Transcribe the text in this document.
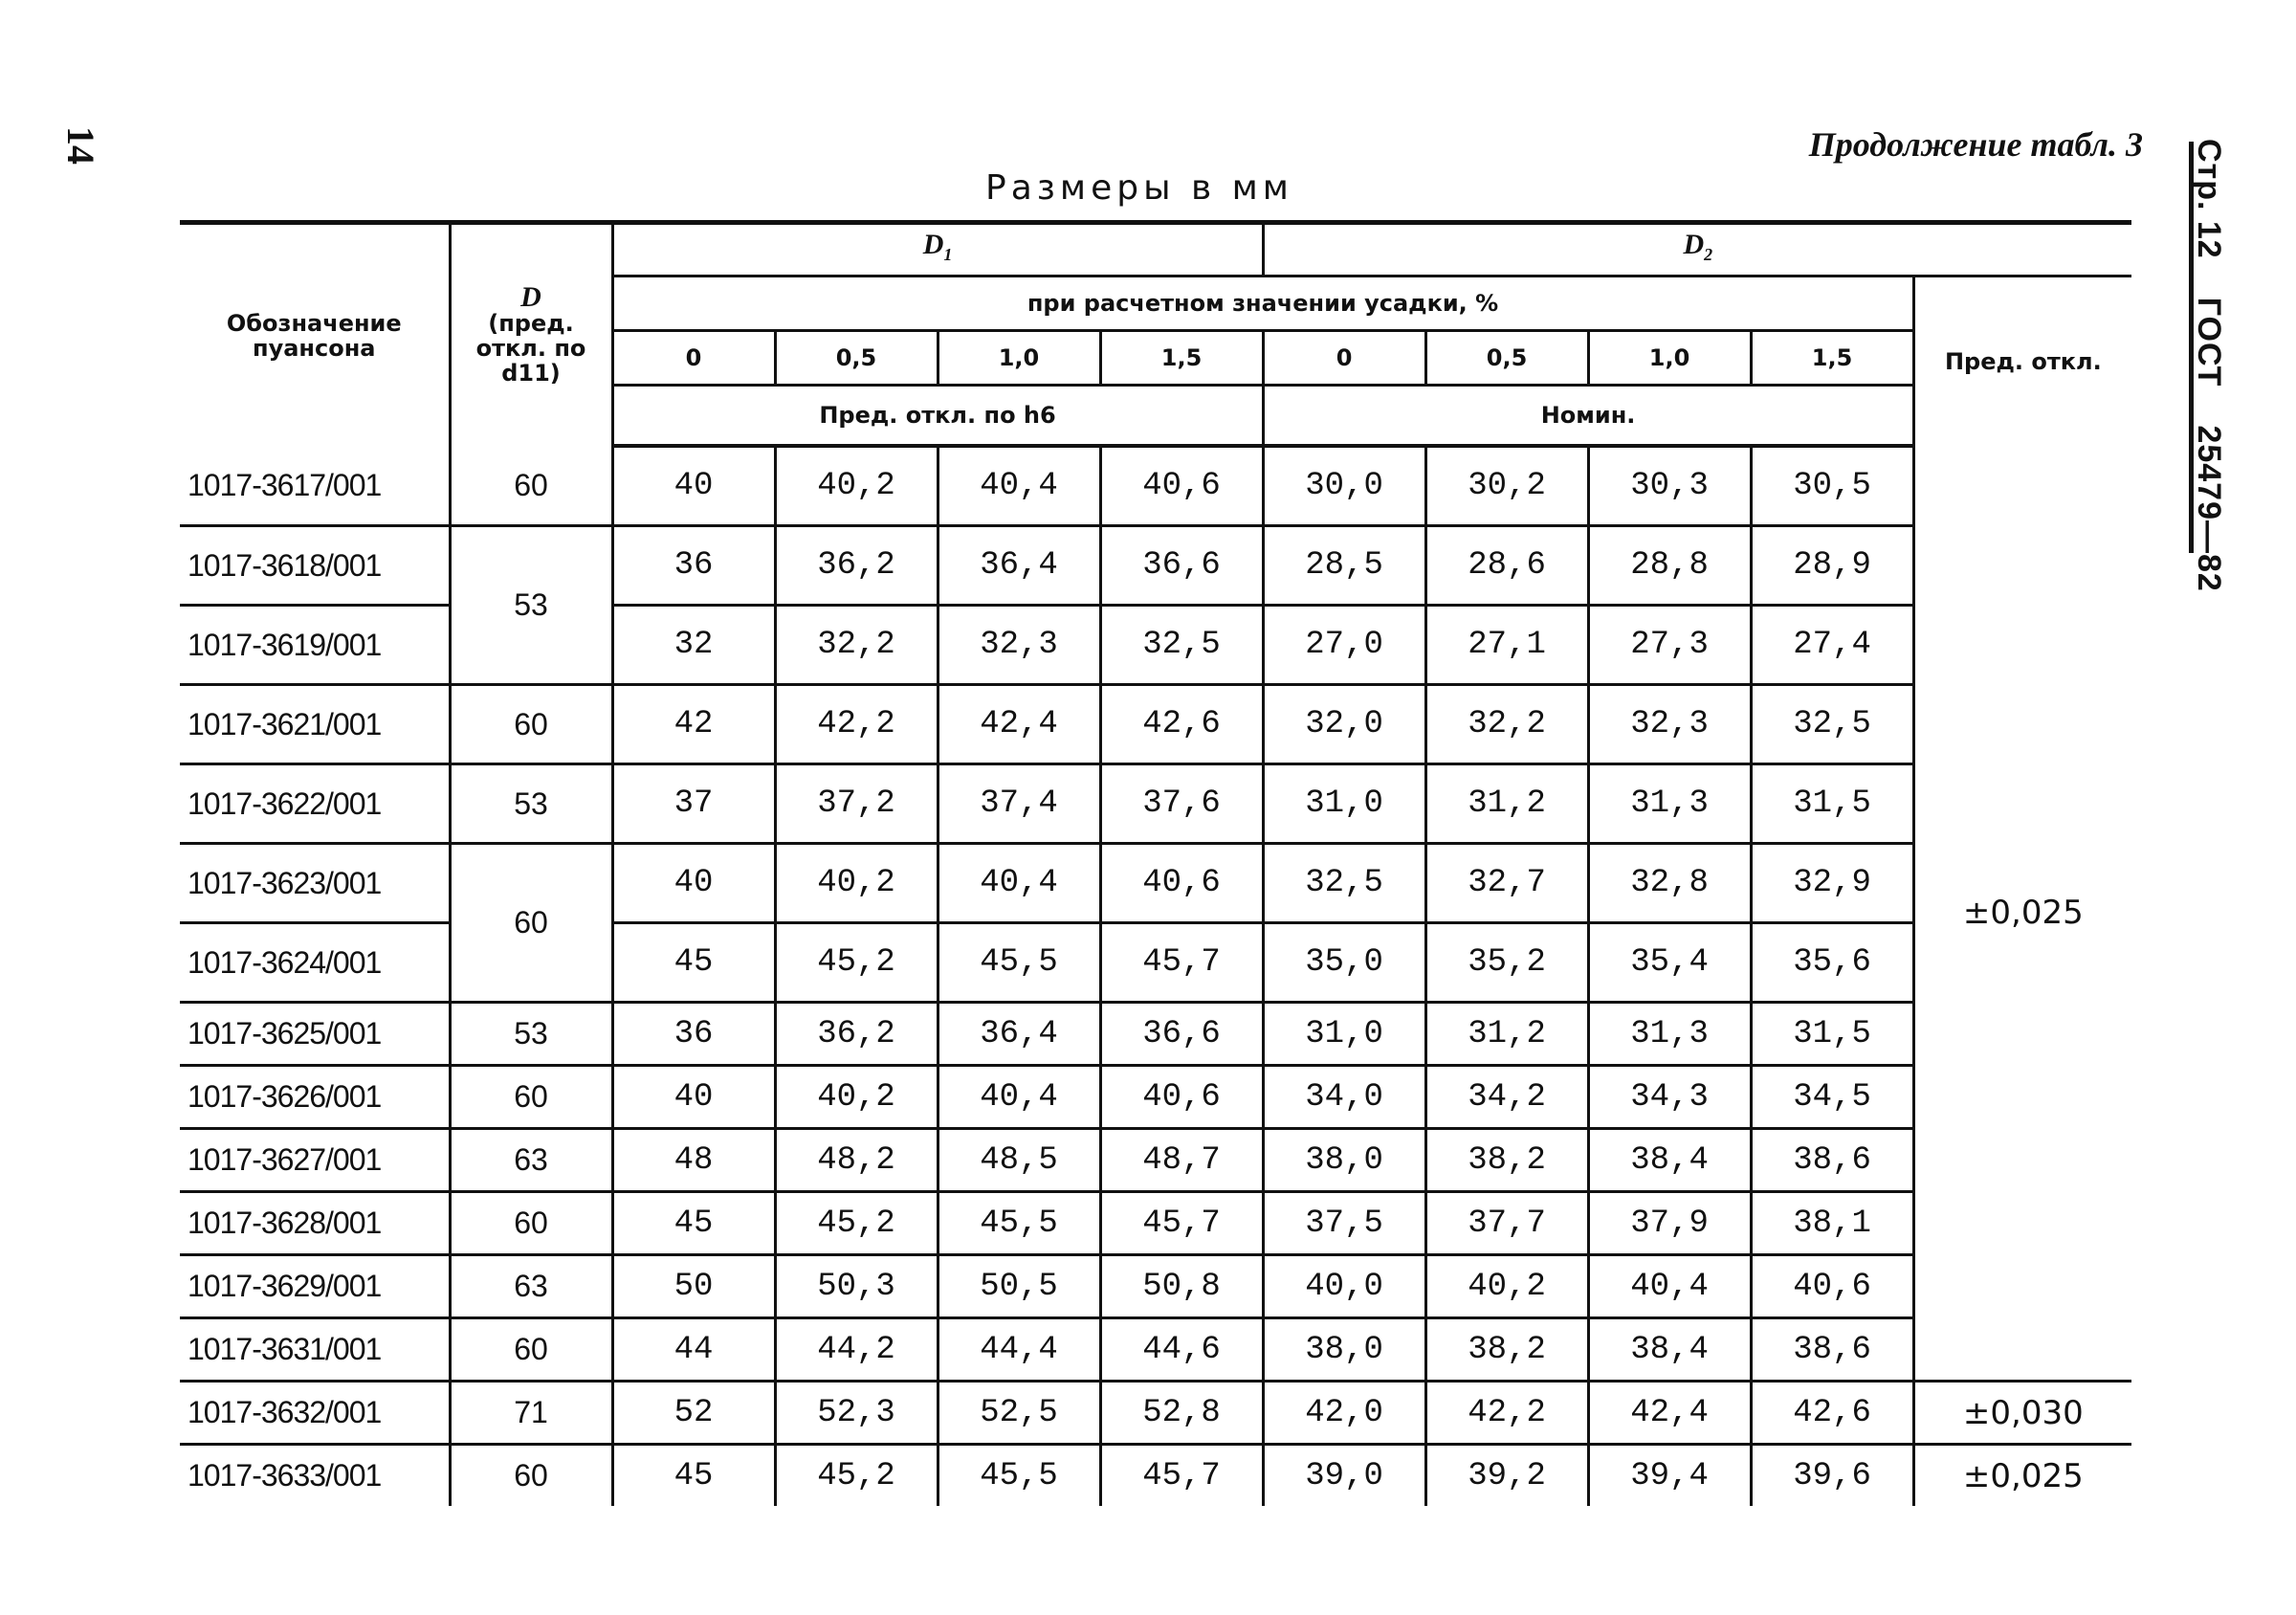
14	Стр. 12ГОСТ25479—82
Продолжение табл. 3
Размеры в мм
Обозначение пуансона	D
(пред. откл. по d11)	$D_1$				$D_2$
		при расчетном значении усадки, %								Пред. откл.
		0	0,5	1,0	1,5	0	0,5	1,0	1,5	
		Пред. откл. по h6				Номин.				
1017-3617/001	60	40	40,2	40,4	40,6	30,0	30,2	30,3	30,5	±0,025
1017-3618/001	53	36	36,2	36,4	36,6	28,5	28,6	28,8	28,9	
1017-3619/001		32	32,2	32,3	32,5	27,0	27,1	27,3	27,4	
1017-3621/001	60	42	42,2	42,4	42,6	32,0	32,2	32,3	32,5	
1017-3622/001	53	37	37,2	37,4	37,6	31,0	31,2	31,3	31,5	
1017-3623/001	60	40	40,2	40,4	40,6	32,5	32,7	32,8	32,9	
1017-3624/001		45	45,2	45,5	45,7	35,0	35,2	35,4	35,6	
1017-3625/001	53	36	36,2	36,4	36,6	31,0	31,2	31,3	31,5	
1017-3626/001	60	40	40,2	40,4	40,6	34,0	34,2	34,3	34,5	
1017-3627/001	63	48	48,2	48,5	48,7	38,0	38,2	38,4	38,6	
1017-3628/001	60	45	45,2	45,5	45,7	37,5	37,7	37,9	38,1	
1017-3629/001	63	50	50,3	50,5	50,8	40,0	40,2	40,4	40,6	
1017-3631/001	60	44	44,2	44,4	44,6	38,0	38,2	38,4	38,6	
1017-3632/001	71	52	52,3	52,5	52,8	42,0	42,2	42,4	42,6	±0,030
1017-3633/001	60	45	45,2	45,5	45,7	39,0	39,2	39,4	39,6	±0,025
